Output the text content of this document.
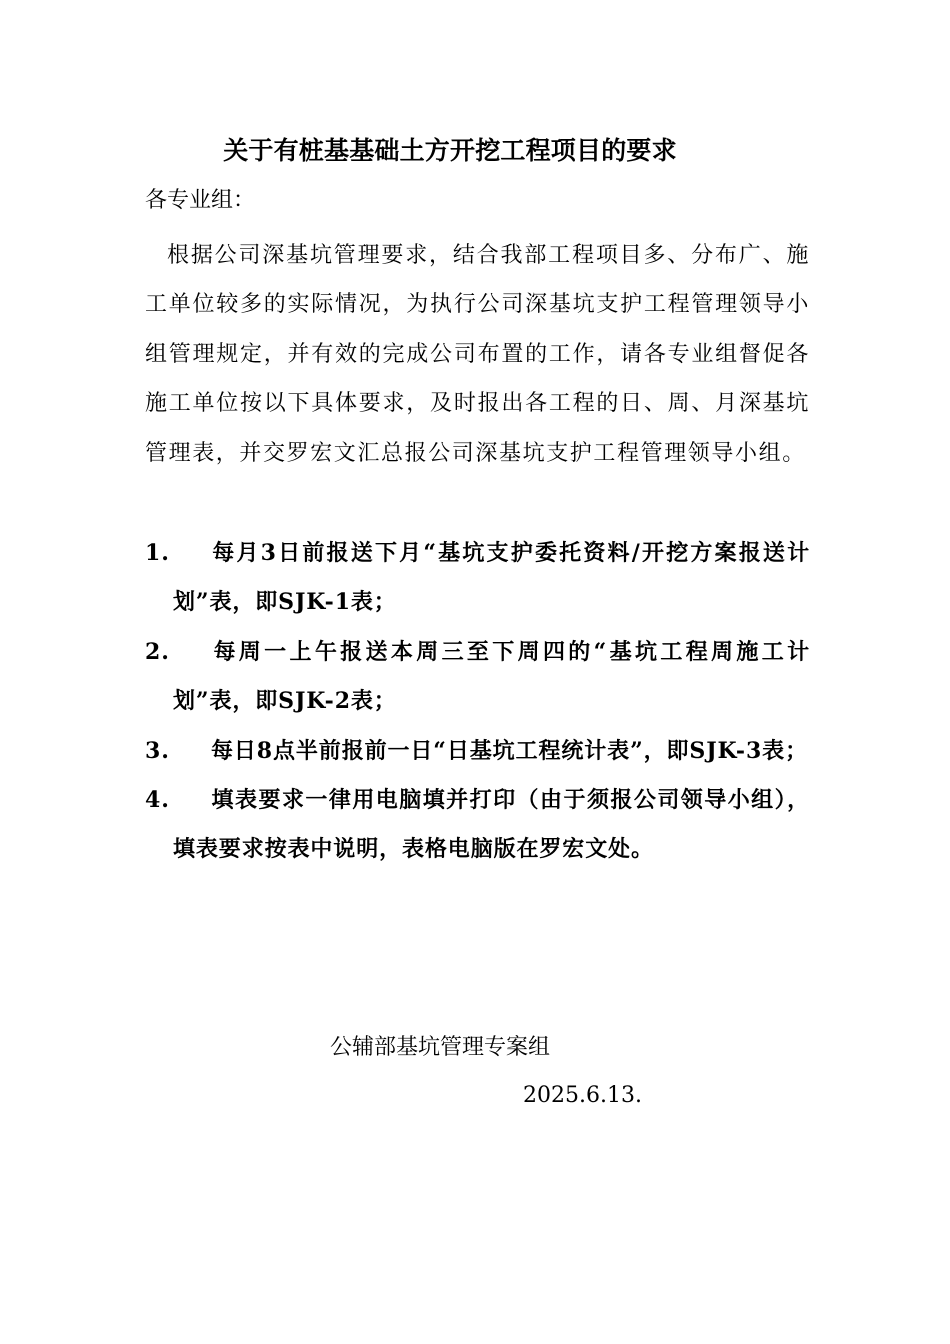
关于有桩基基础土方开挖工程项目的要求
各专业组：
根据公司深基坑管理要求，结合我部工程项目多、分布广、施工单位较多的实际情况，为执行公司深基坑支护工程管理领导小组管理规定，并有效的完成公司布置的工作，请各专业组督促各施工单位按以下具体要求，及时报出各工程的日、周、月深基坑管理表，并交罗宏文汇总报公司深基坑支护工程管理领导小组。
1.	每月3日前报送下月“基坑支护委托资料/开挖方案报送计划”表，即SJK-1表；
2.	每周一上午报送本周三至下周四的“基坑工程周施工计划”表，即SJK-2表；
3.	每日8点半前报前一日“日基坑工程统计表”，即SJK-3表；
4.	填表要求一律用电脑填并打印（由于须报公司领导小组），填表要求按表中说明，表格电脑版在罗宏文处。
公辅部基坑管理专案组
2025.6.13.
